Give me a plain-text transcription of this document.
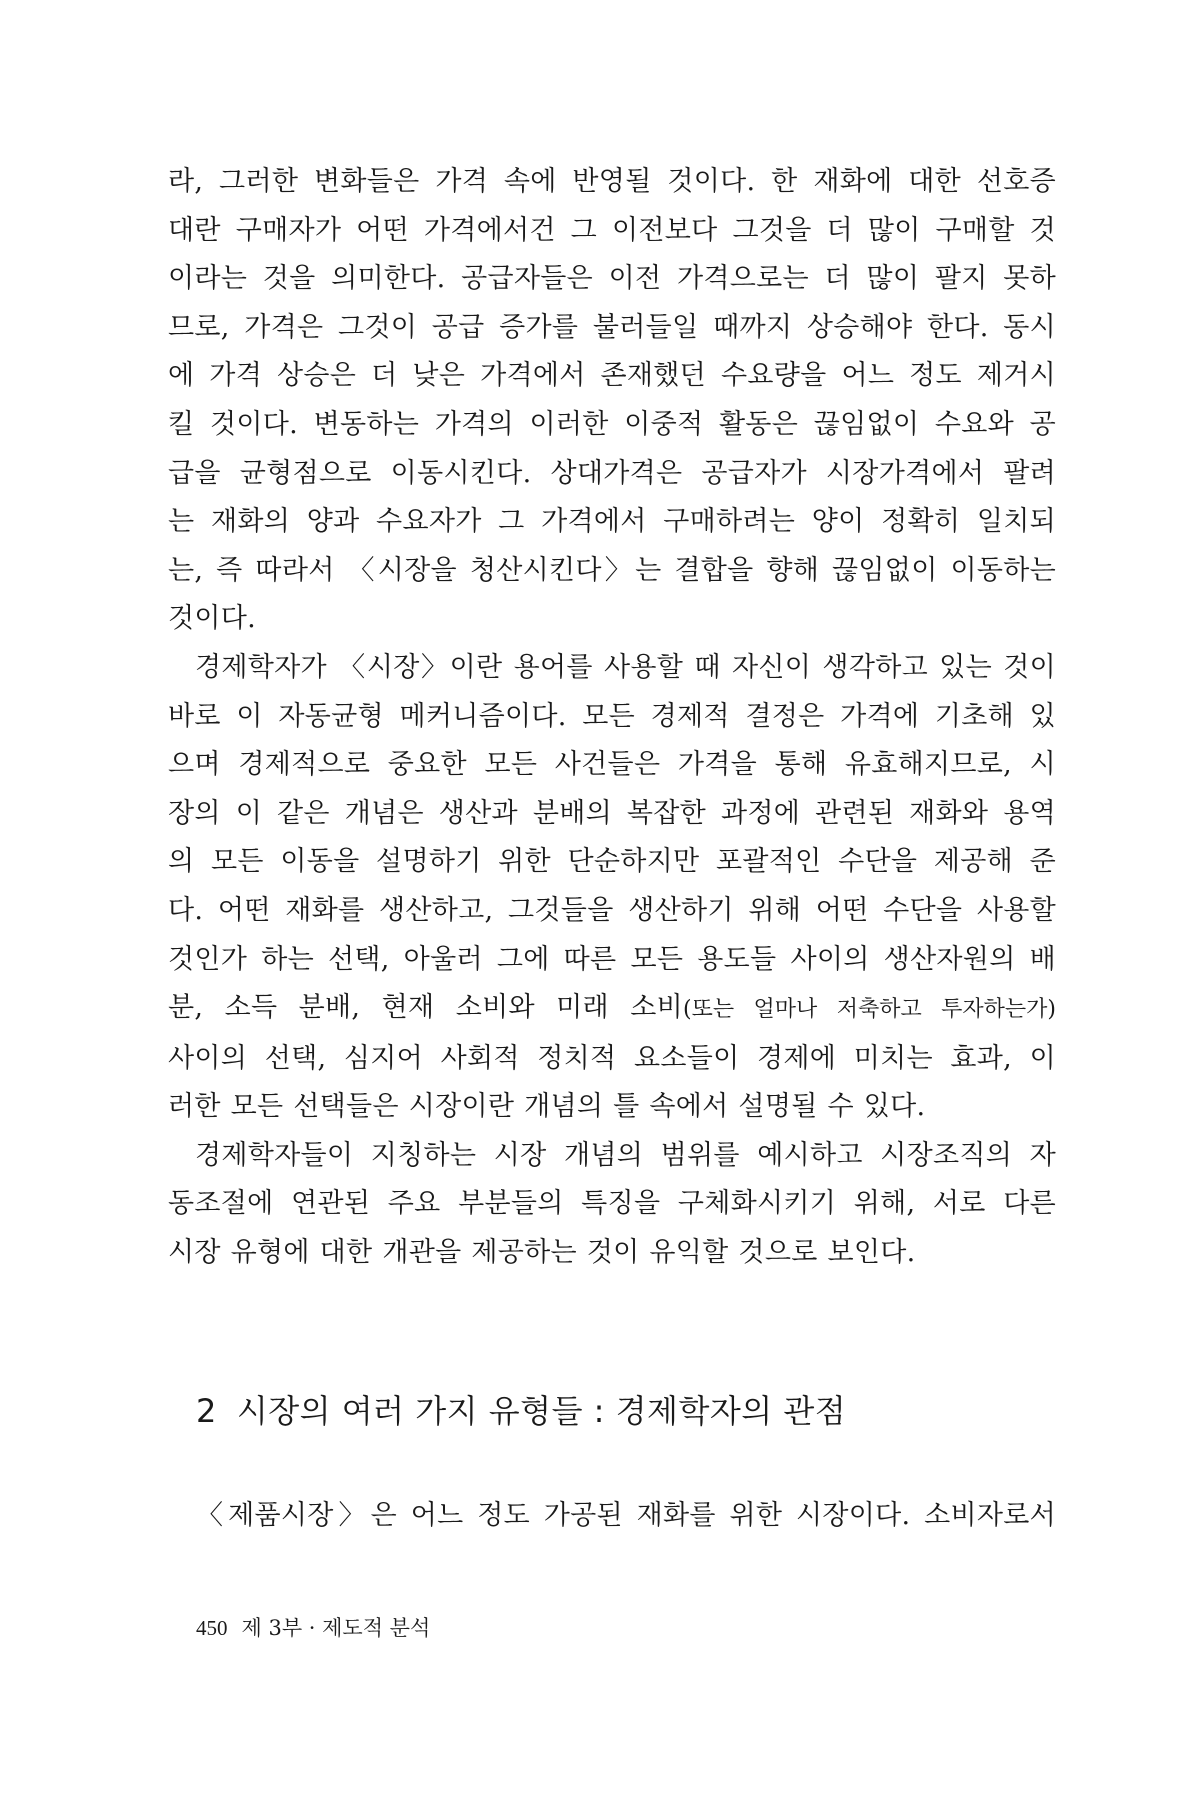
라, 그러한 변화들은 가격 속에 반영될 것이다. 한 재화에 대한 선호증
대란 구매자가 어떤 가격에서건 그 이전보다 그것을 더 많이 구매할 것
이라는 것을 의미한다. 공급자들은 이전 가격으로는 더 많이 팔지 못하
므로, 가격은 그것이 공급 증가를 불러들일 때까지 상승해야 한다. 동시
에 가격 상승은 더 낮은 가격에서 존재했던 수요량을 어느 정도 제거시
킬 것이다. 변동하는 가격의 이러한 이중적 활동은 끊임없이 수요와 공
급을 균형점으로 이동시킨다. 상대가격은 공급자가 시장가격에서 팔려
는 재화의 양과 수요자가 그 가격에서 구매하려는 양이 정확히 일치되
는, 즉 따라서 〈시장을 청산시킨다〉는 결합을 향해 끊임없이 이동하는
것이다.

경제학자가 〈시장〉이란 용어를 사용할 때 자신이 생각하고 있는 것이
바로 이 자동균형 메커니즘이다. 모든 경제적 결정은 가격에 기초해 있
으며 경제적으로 중요한 모든 사건들은 가격을 통해 유효해지므로, 시
장의 이 같은 개념은 생산과 분배의 복잡한 과정에 관련된 재화와 용역
의 모든 이동을 설명하기 위한 단순하지만 포괄적인 수단을 제공해 준
다. 어떤 재화를 생산하고, 그것들을 생산하기 위해 어떤 수단을 사용할
것인가 하는 선택, 아울러 그에 따른 모든 용도들 사이의 생산자원의 배
분, 소득 분배, 현재 소비와 미래 소비(또는 얼마나 저축하고 투자하는가)
사이의 선택, 심지어 사회적 정치적 요소들이 경제에 미치는 효과, 이
러한 모든 선택들은 시장이란 개념의 틀 속에서 설명될 수 있다.

경제학자들이 지칭하는 시장 개념의 범위를 예시하고 시장조직의 자
동조절에 연관된 주요 부분들의 특징을 구체화시키기 위해, 서로 다른
시장 유형에 대한 개관을 제공하는 것이 유익할 것으로 보인다.

2 시장의 여러 가지 유형들 : 경제학자의 관점

〈제품시장〉은 어느 정도 가공된 재화를 위한 시장이다. 소비자로서

450 제 3부 · 제도적 분석
